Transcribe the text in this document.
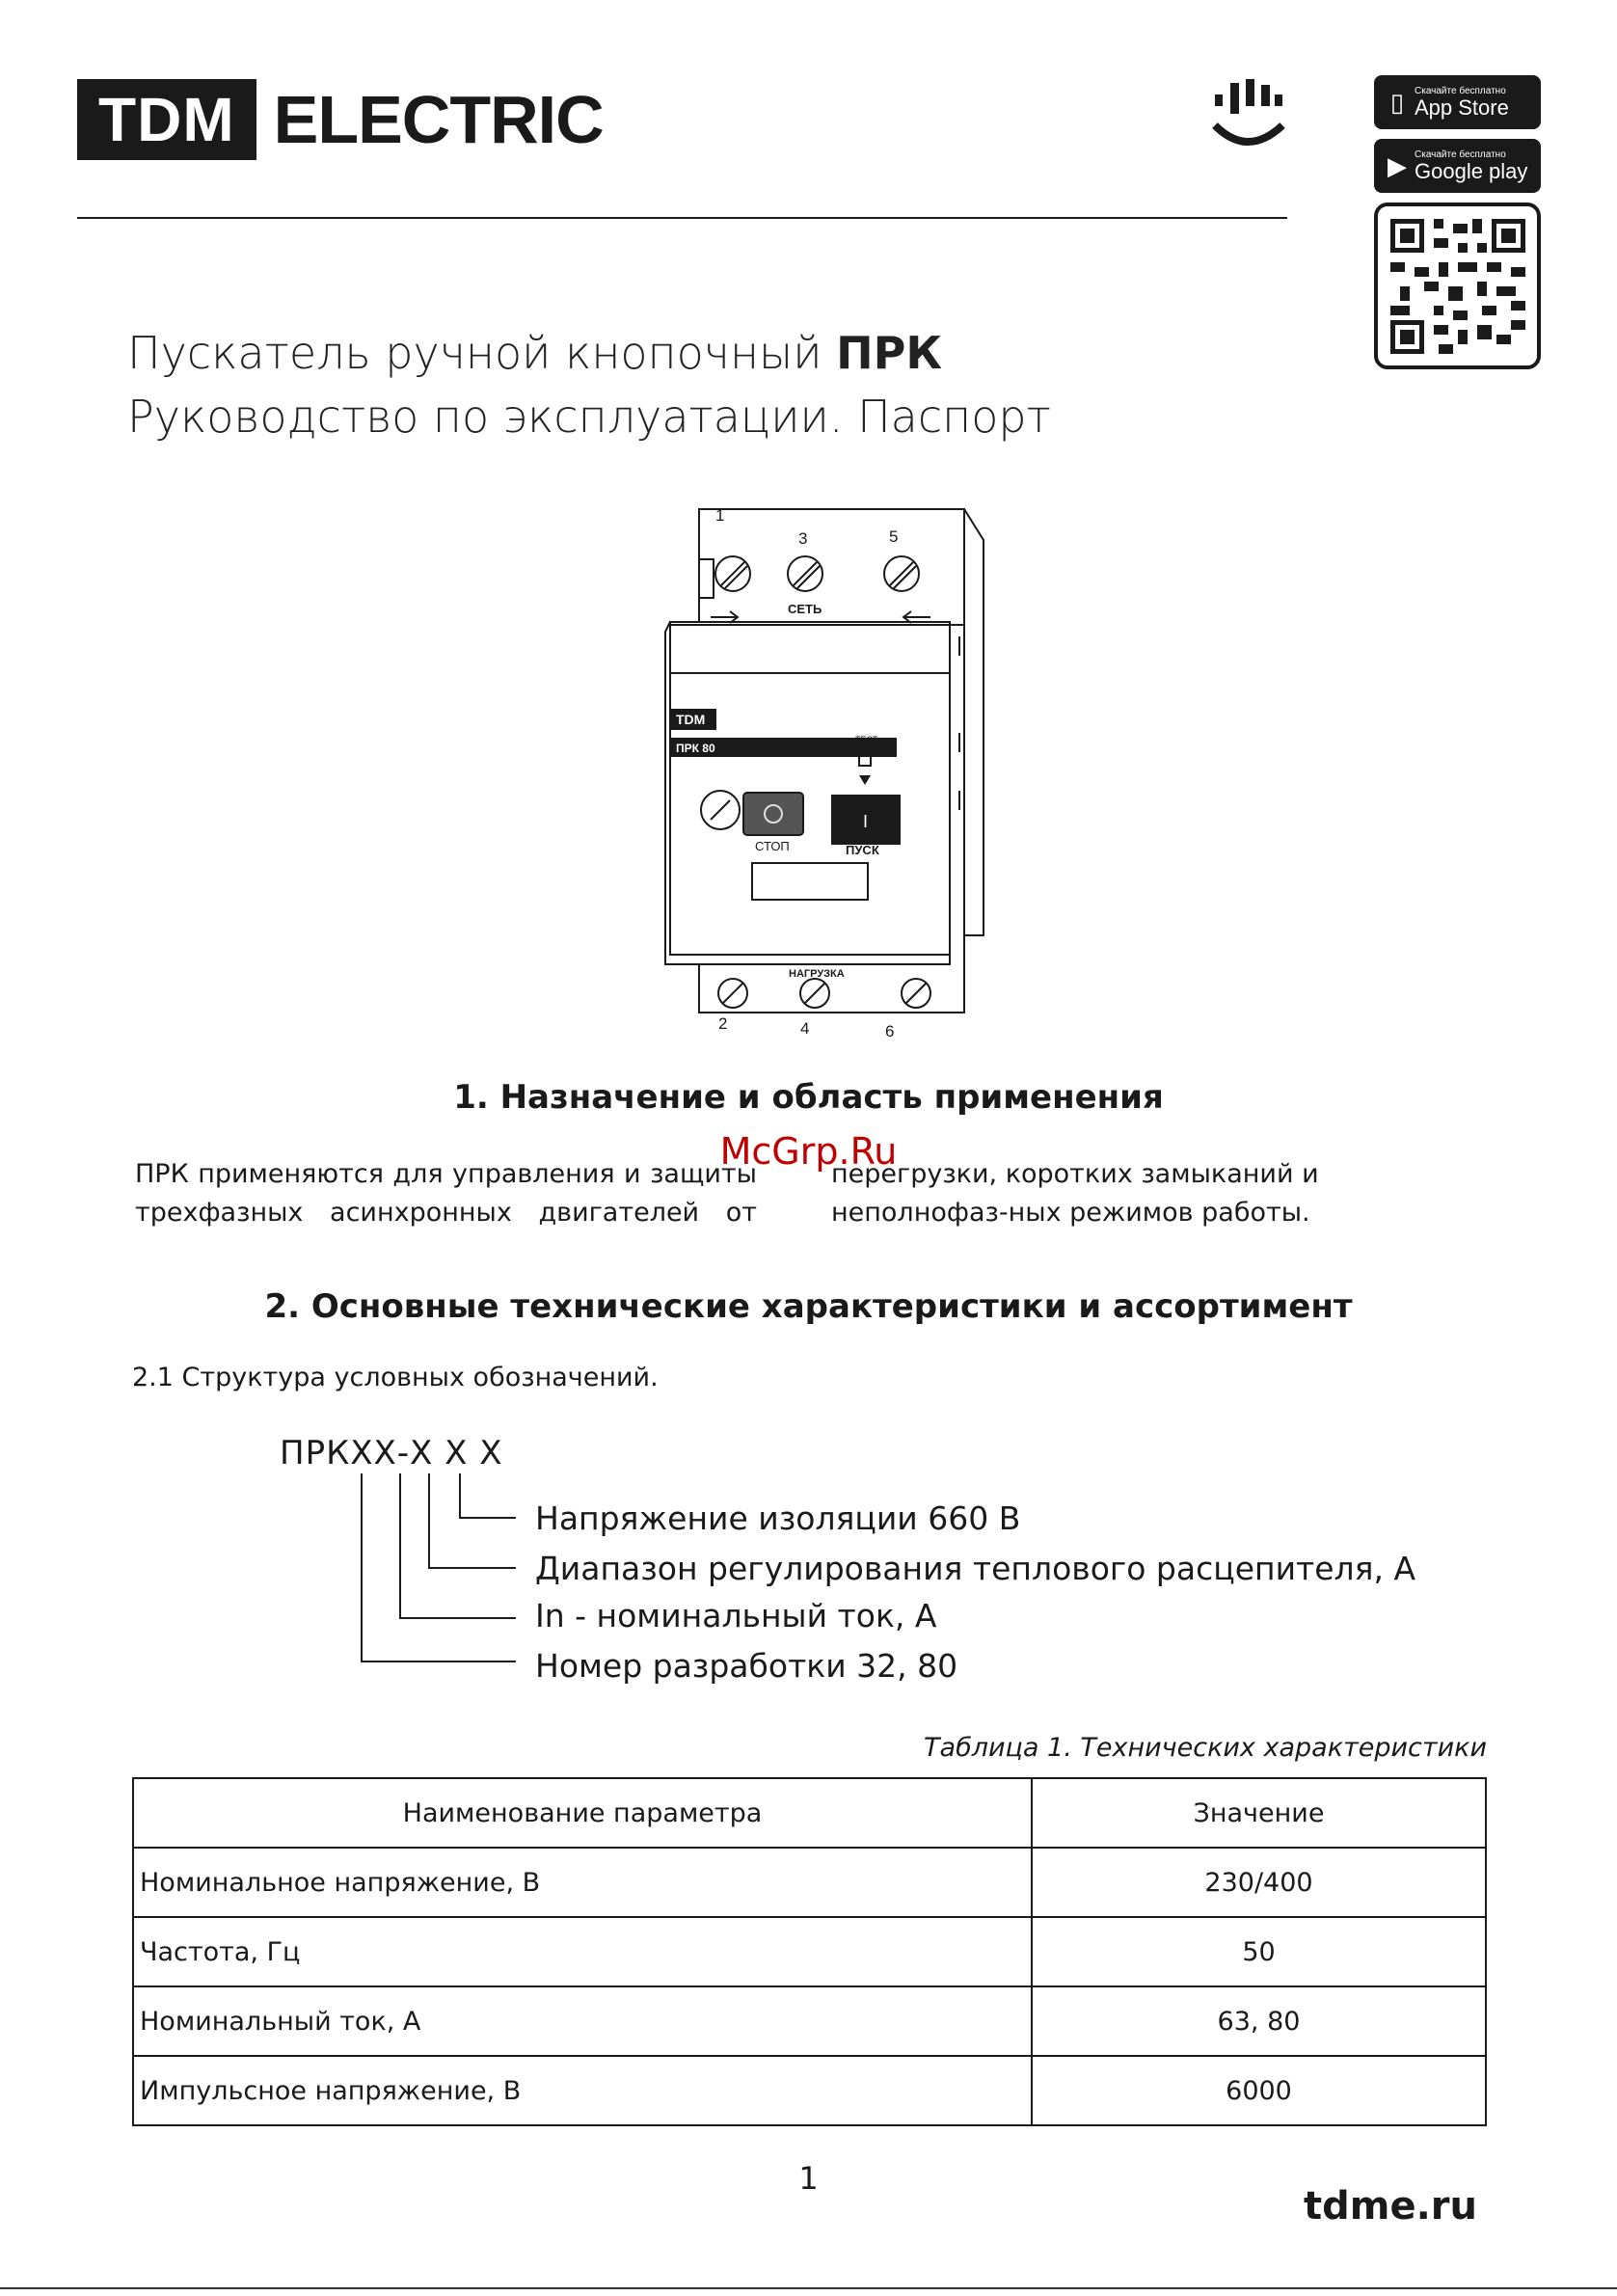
TDM ELECTRIC	▯	Скачайте бесплатно
App Store
▶ Скачайте бесплатно
Google play
Пускатель ручной кнопочный ПРК
Руководство по эксплуатации. Паспорт
1
3	5
СЕТЬ
TDM
ПРК 80
ТЕСТ
СТОП
I
ПУСК
НАГРУЗКА
2	4	6
1. Назначение и область применения
McGrp.Ru
ПРК применяются для управления и защиты трехфазных асинхронных двигателей от
перегрузки, коротких замыканий и неполнофаз-ных режимов работы.
2. Основные технические характеристики и ассортимент
2.1 Структура условных обозначений.
ПРКХХ-Х Х Х
Напряжение изоляции 660 В
Диапазон регулирования теплового расцепителя, А
In - номинальный ток, А
Номер разработки 32, 80
Таблица 1. Технических характеристики
Наименование параметра	Значение
Номинальное напряжение, В	230/400
Частота, Гц	50
Номинальный ток, А	63, 80
Импульсное напряжение, В	6000
1
tdme.ru
